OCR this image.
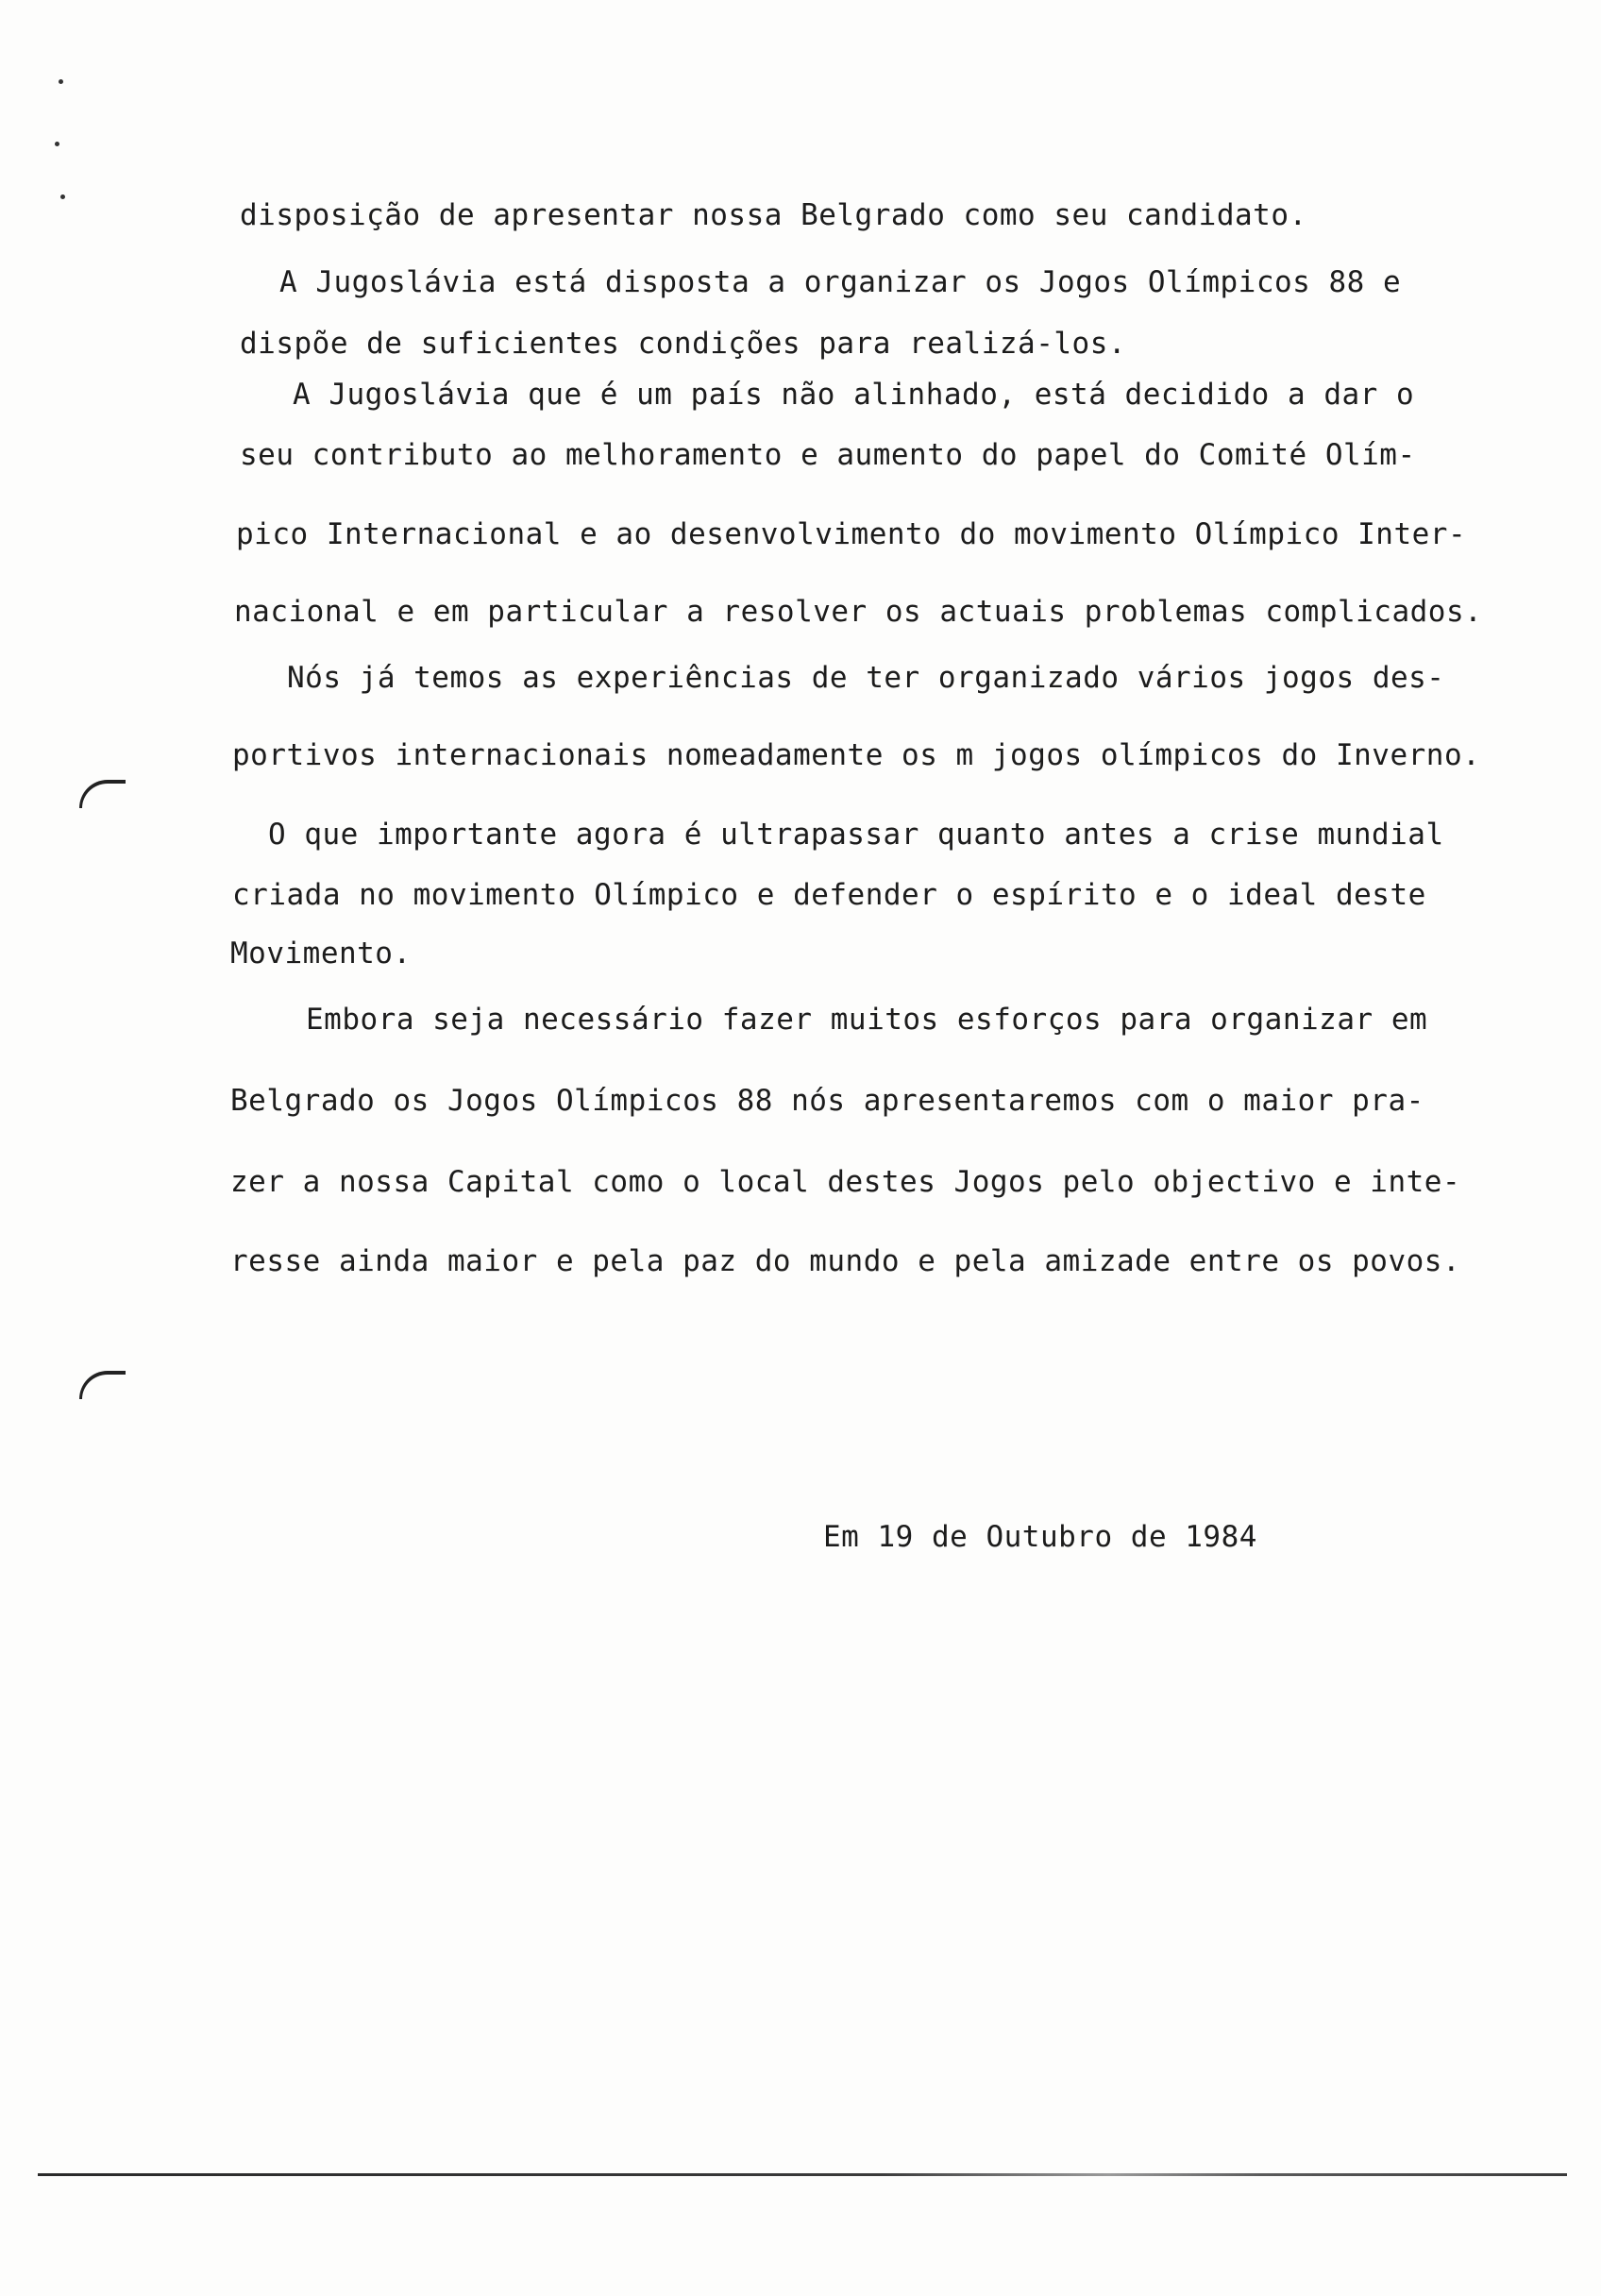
disposição de apresentar nossa Belgrado como seu candidato.
A Jugoslávia está disposta a organizar os Jogos Olímpicos 88 e
dispõe de suficientes condições para realizá-los.
A Jugoslávia que é um país não alinhado, está decidido a dar o
seu contributo ao melhoramento e aumento do papel do Comité Olím-
pico Internacional e ao desenvolvimento do movimento Olímpico Inter-
nacional e em particular a resolver os actuais problemas complicados.
Nós já temos as experiências de ter organizado vários jogos des-
portivos internacionais nomeadamente os m jogos olímpicos do Inverno.
O que importante agora é ultrapassar quanto antes a crise mundial
criada no movimento Olímpico e defender o espírito e o ideal deste
Movimento.
Embora seja necessário fazer muitos esforços para organizar em
Belgrado os Jogos Olímpicos 88 nós apresentaremos com o maior pra-
zer a nossa Capital como o local destes Jogos pelo objectivo e inte-
resse ainda maior e pela paz do mundo e pela amizade entre os povos.
Em 19 de Outubro de 1984
